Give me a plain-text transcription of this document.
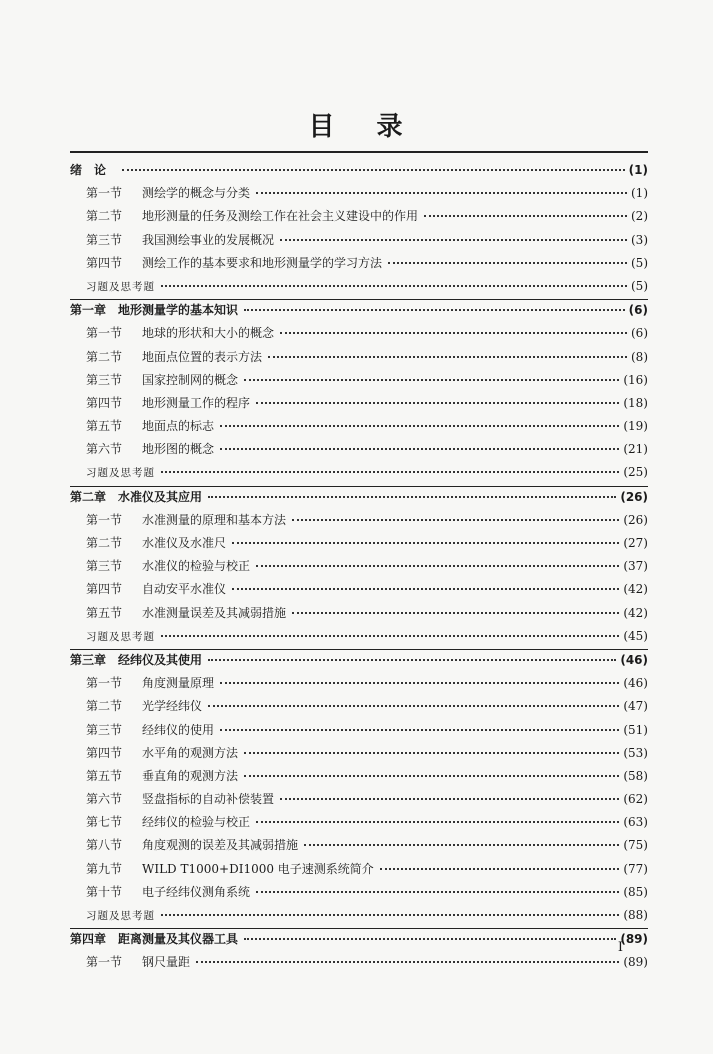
目 录
绪　论	(1)
第一节	测绘学的概念与分类	(1)
第二节	地形测量的任务及测绘工作在社会主义建设中的作用	(2)
第三节	我国测绘事业的发展概况	(3)
第四节	测绘工作的基本要求和地形测量学的学习方法	(5)
习题及思考题	(5)
第一章 地形测量学的基本知识	(6)
第一节	地球的形状和大小的概念	(6)
第二节	地面点位置的表示方法	(8)
第三节	国家控制网的概念	(16)
第四节	地形测量工作的程序	(18)
第五节	地面点的标志	(19)
第六节	地形图的概念	(21)
习题及思考题	(25)
第二章 水准仪及其应用	(26)
第一节	水准测量的原理和基本方法	(26)
第二节	水准仪及水准尺	(27)
第三节	水准仪的检验与校正	(37)
第四节	自动安平水准仪	(42)
第五节	水准测量误差及其减弱措施	(42)
习题及思考题	(45)
第三章 经纬仪及其使用	(46)
第一节	角度测量原理	(46)
第二节	光学经纬仪	(47)
第三节	经纬仪的使用	(51)
第四节	水平角的观测方法	(53)
第五节	垂直角的观测方法	(58)
第六节	竖盘指标的自动补偿装置	(62)
第七节	经纬仪的检验与校正	(63)
第八节	角度观测的误差及其减弱措施	(75)
第九节	WILD T1000+DI1000 电子速测系统简介	(77)
第十节	电子经纬仪测角系统	(85)
习题及思考题	(88)
第四章 距离测量及其仪器工具	(89)
第一节	钢尺量距	(89)
I
